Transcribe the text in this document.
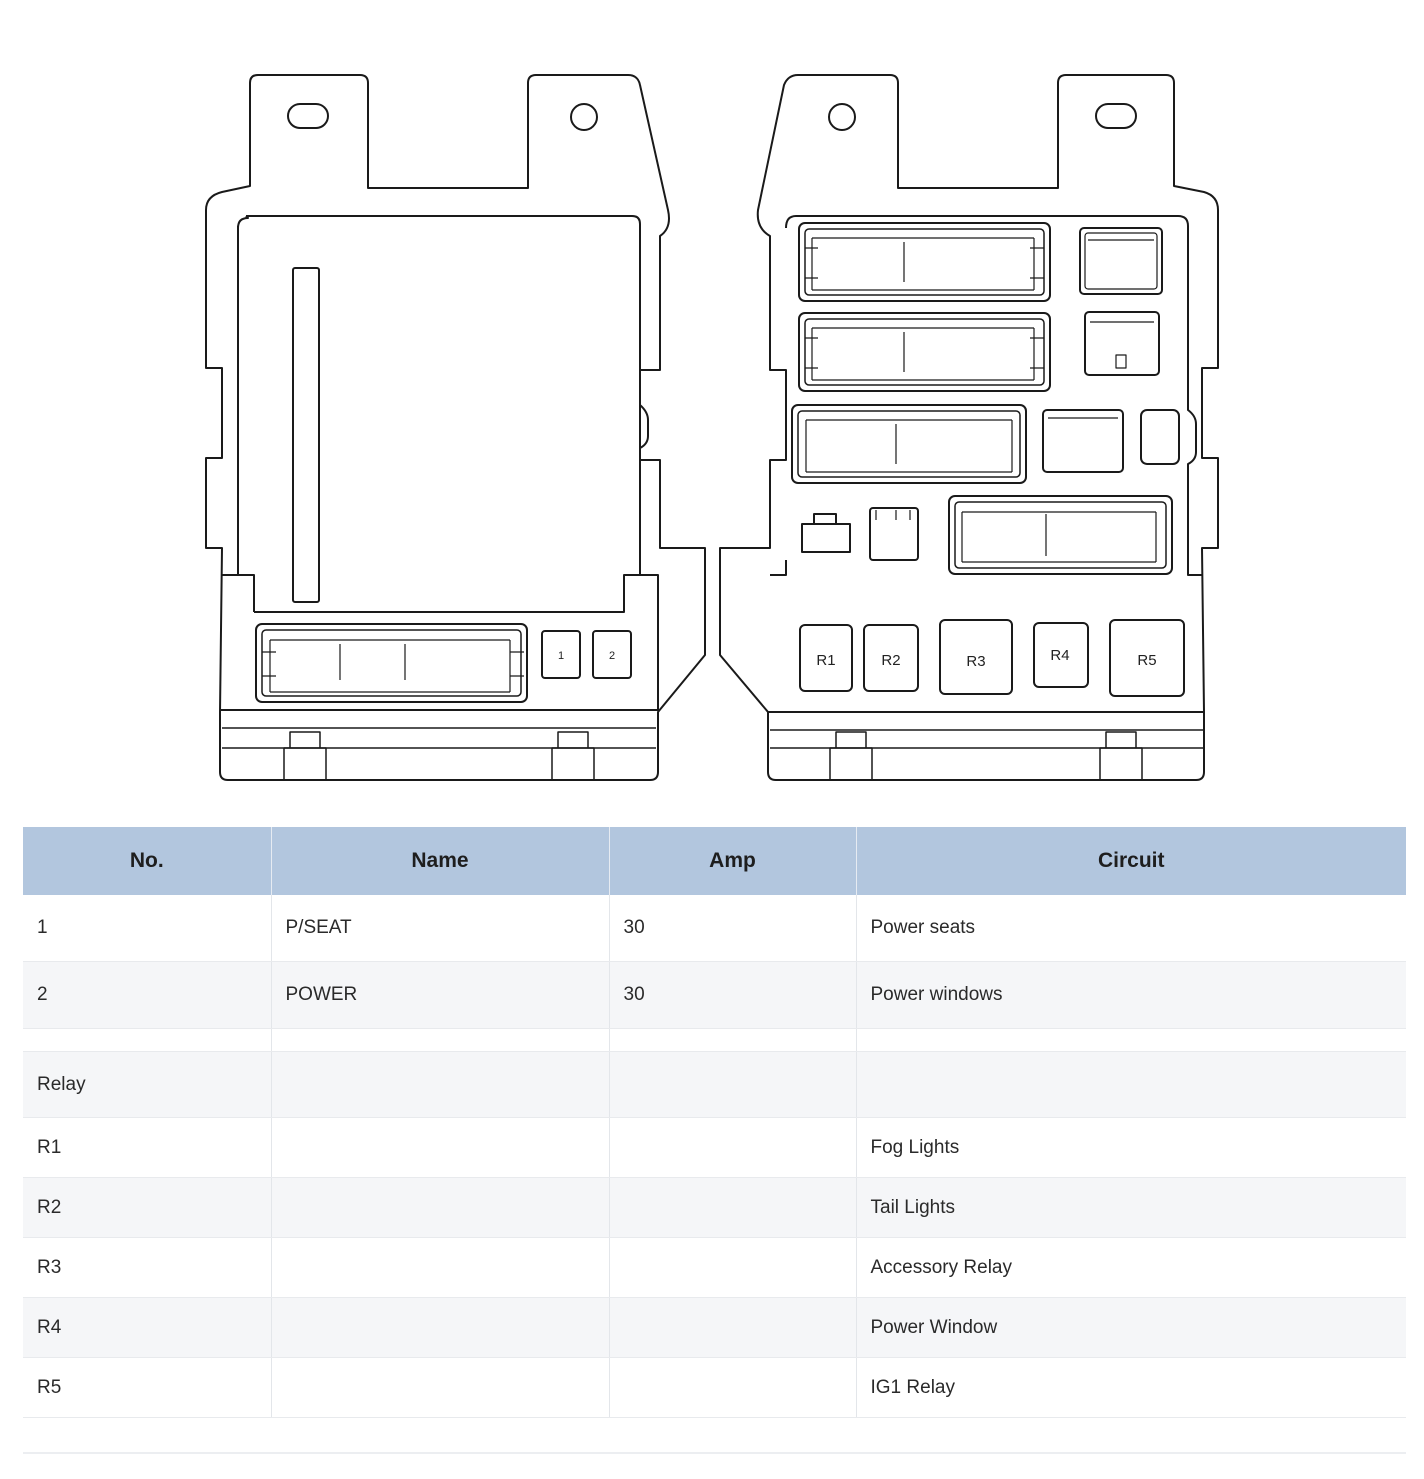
1	2	R1	R2	R3	R4	R5
No.	Name	Amp	Circuit
1	P/SEAT	30	Power seats
2	POWER	30	Power windows

Relay			
R1			Fog Lights
R2			Tail Lights
R3			Accessory Relay
R4			Power Window
R5			IG1 Relay
